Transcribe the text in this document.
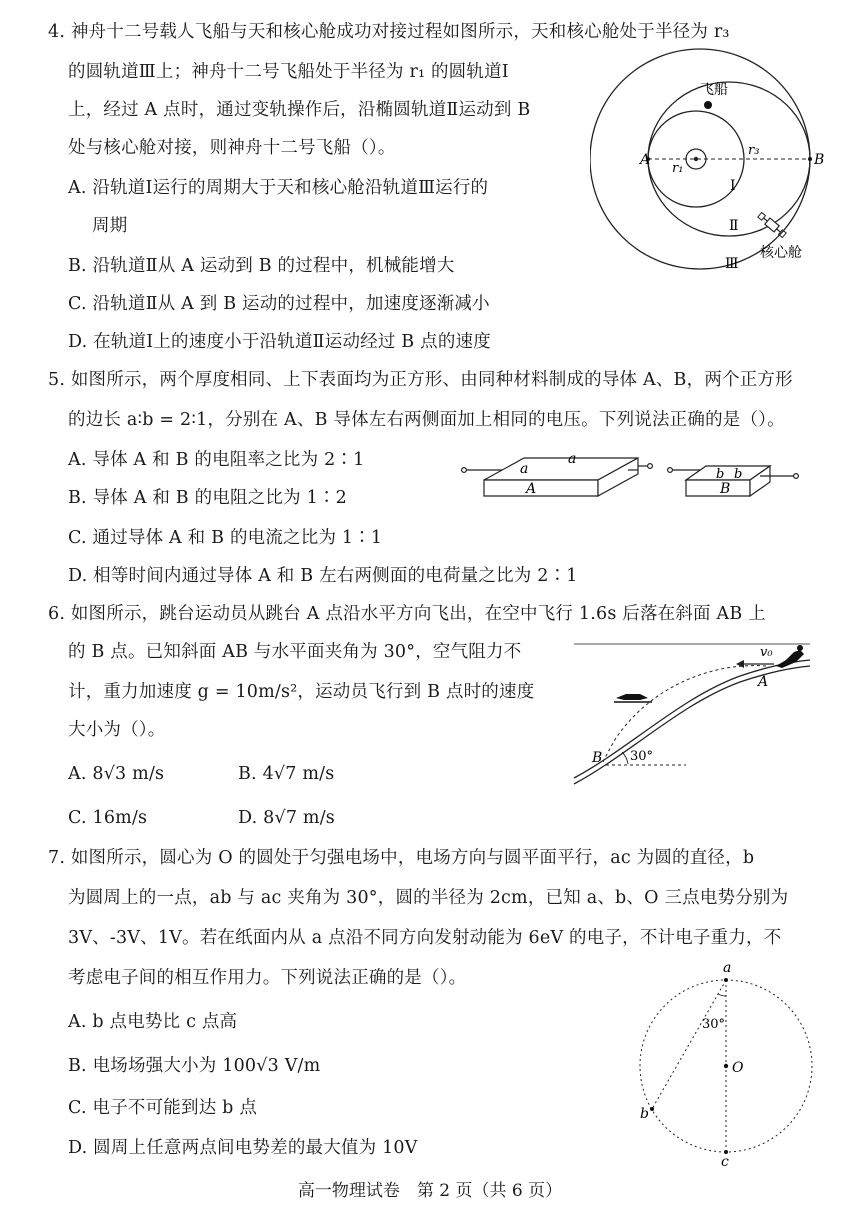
4. 神舟十二号载人飞船与天和核心舱成功对接过程如图所示，天和核心舱处于半径为 r₃
的圆轨道Ⅲ上；神舟十二号飞船处于半径为 r₁ 的圆轨道Ⅰ
上，经过 A 点时，通过变轨操作后，沿椭圆轨道Ⅱ运动到 B
处与核心舱对接，则神舟十二号飞船（）。
A. 沿轨道Ⅰ运行的周期大于天和核心舱沿轨道Ⅲ运行的
周期
B. 沿轨道Ⅱ从 A 运动到 B 的过程中，机械能增大
C. 沿轨道Ⅱ从 A 到 B 运动的过程中，加速度逐渐减小
D. 在轨道Ⅰ上的速度小于沿轨道Ⅱ运动经过 B 点的速度
飞船
A	B
r₁
r₃
Ⅰ
Ⅱ
Ⅲ
核心舱
5. 如图所示，两个厚度相同、上下表面均为正方形、由同种材料制成的导体 A、B，两个正方形
的边长 a∶b = 2∶1，分别在 A、B 导体左右两侧面加上相同的电压。下列说法正确的是（）。
A. 导体 A 和 B 的电阻率之比为 2∶1
B. 导体 A 和 B 的电阻之比为 1∶2
C. 通过导体 A 和 B 的电流之比为 1∶1
D. 相等时间内通过导体 A 和 B 左右两侧面的电荷量之比为 2∶1
a
a
A
b b
B
6. 如图所示，跳台运动员从跳台 A 点沿水平方向飞出，在空中飞行 1.6s 后落在斜面 AB 上
的 B 点。已知斜面 AB 与水平面夹角为 30°，空气阻力不
计，重力加速度 g = 10m/s²，运动员飞行到 B 点时的速度
大小为（）。
A. 8√3 m/s	B. 4√7 m/s
C. 16m/s	D. 8√7 m/s
v₀
A
B 30°
7. 如图所示，圆心为 O 的圆处于匀强电场中，电场方向与圆平面平行，ac 为圆的直径，b
为圆周上的一点，ab 与 ac 夹角为 30°，圆的半径为 2cm，已知 a、b、O 三点电势分别为
3V、-3V、1V。若在纸面内从 a 点沿不同方向发射动能为 6eV 的电子，不计电子重力，不
考虑电子间的相互作用力。下列说法正确的是（）。
A. b 点电势比 c 点高
B. 电场场强大小为 100√3 V/m
C. 电子不可能到达 b 点
D. 圆周上任意两点间电势差的最大值为 10V
a
O
b
c
30°
高一物理试卷　第 2 页（共 6 页）
